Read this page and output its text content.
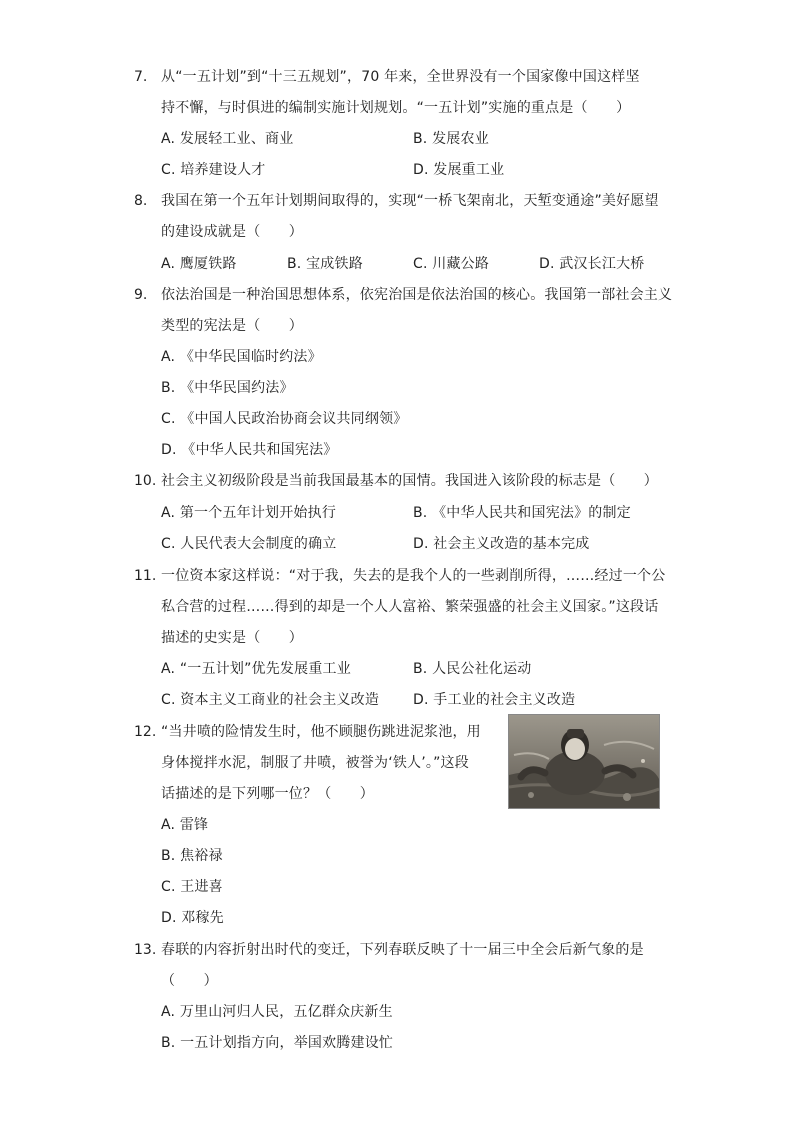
7. 从“一五计划”到“十三五规划”，70 年来，全世界没有一个国家像中国这样坚
持不懈，与时俱进的编制实施计划规划。“一五计划”实施的重点是（　　）
A. 发展轻工业、商业	B. 发展农业
C. 培养建设人才	D. 发展重工业
8. 我国在第一个五年计划期间取得的，实现“一桥飞架南北，天堑变通途”美好愿望
的建设成就是（　　）
A. 鹰厦铁路	B. 宝成铁路	C. 川藏公路	D. 武汉长江大桥
9. 依法治国是一种治国思想体系，依宪治国是依法治国的核心。我国第一部社会主义
类型的宪法是（　　）
A. 《中华民国临时约法》
B. 《中华民国约法》
C. 《中国人民政治协商会议共同纲领》
D. 《中华人民共和国宪法》
10. 社会主义初级阶段是当前我国最基本的国情。我国进入该阶段的标志是（　　）
A. 第一个五年计划开始执行	B. 《中华人民共和国宪法》的制定
C. 人民代表大会制度的确立	D. 社会主义改造的基本完成
11. 一位资本家这样说：“对于我，失去的是我个人的一些剥削所得，……经过一个公
私合营的过程……得到的却是一个人人富裕、繁荣强盛的社会主义国家。”这段话
描述的史实是（　　）
A. “一五计划”优先发展重工业	B. 人民公社化运动
C. 资本主义工商业的社会主义改造 D. 手工业的社会主义改造
12. “当井喷的险情发生时，他不顾腿伤跳进泥浆池，用
身体搅拌水泥，制服了井喷，被誉为‘铁人’。”这段
话描述的是下列哪一位？（　　）
A. 雷锋
B. 焦裕禄
C. 王进喜
D. 邓稼先
13. 春联的内容折射出时代的变迁，下列春联反映了十一届三中全会后新气象的是
（　　）
A. 万里山河归人民，五亿群众庆新生
B. 一五计划指方向，举国欢腾建设忙
